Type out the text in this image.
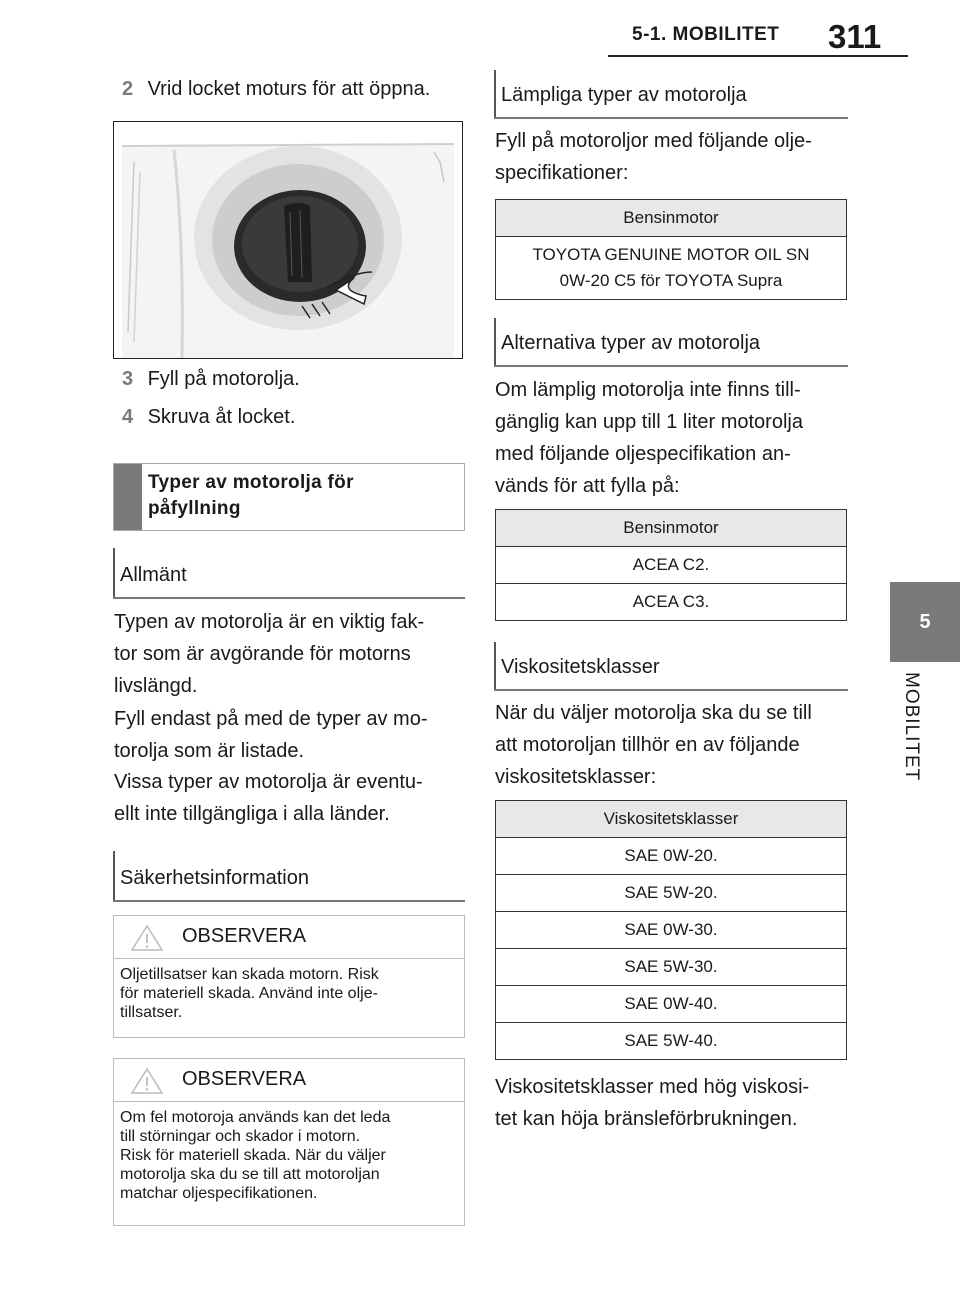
5-1. MOBILITET 311
5
MOBILITET
2 Vrid locket moturs för att öppna.
3 Fyll på motorolja.
4 Skruva åt locket.
Typer av motorolja för
påfyllning
Allmänt
Typen av motorolja är en viktig fak-
tor som är avgörande för motorns
livslängd.
Fyll endast på med de typer av mo-
torolja som är listade.
Vissa typer av motorolja är eventu-
ellt inte tillgängliga i alla länder.
Säkerhetsinformation
OBSERVERA
Oljetillsatser kan skada motorn. Risk
för materiell skada. Använd inte olje-
tillsatser.
OBSERVERA
Om fel motoroja används kan det leda
till störningar och skador i motorn.
Risk för materiell skada. När du väljer
motorolja ska du se till att motoroljan
matchar oljespecifikationen.
Lämpliga typer av motorolja
Fyll på motoroljor med följande olje-
specifikationer:
Bensinmotor

TOYOTA GENUINE MOTOR OIL SN
0W-20 C5 för TOYOTA Supra
Alternativa typer av motorolja
Om lämplig motorolja inte finns till-
gänglig kan upp till 1 liter motorolja
med följande oljespecifikation an-
vänds för att fylla på:
Bensinmotor
ACEA C2.
ACEA C3.
Viskositetsklasser
När du väljer motorolja ska du se till
att motoroljan tillhör en av följande
viskositetsklasser:
Viskositetsklasser
SAE 0W-20.
SAE 5W-20.
SAE 0W-30.
SAE 5W-30.
SAE 0W-40.
SAE 5W-40.
Viskositetsklasser med hög viskosi-
tet kan höja bränsleförbrukningen.
